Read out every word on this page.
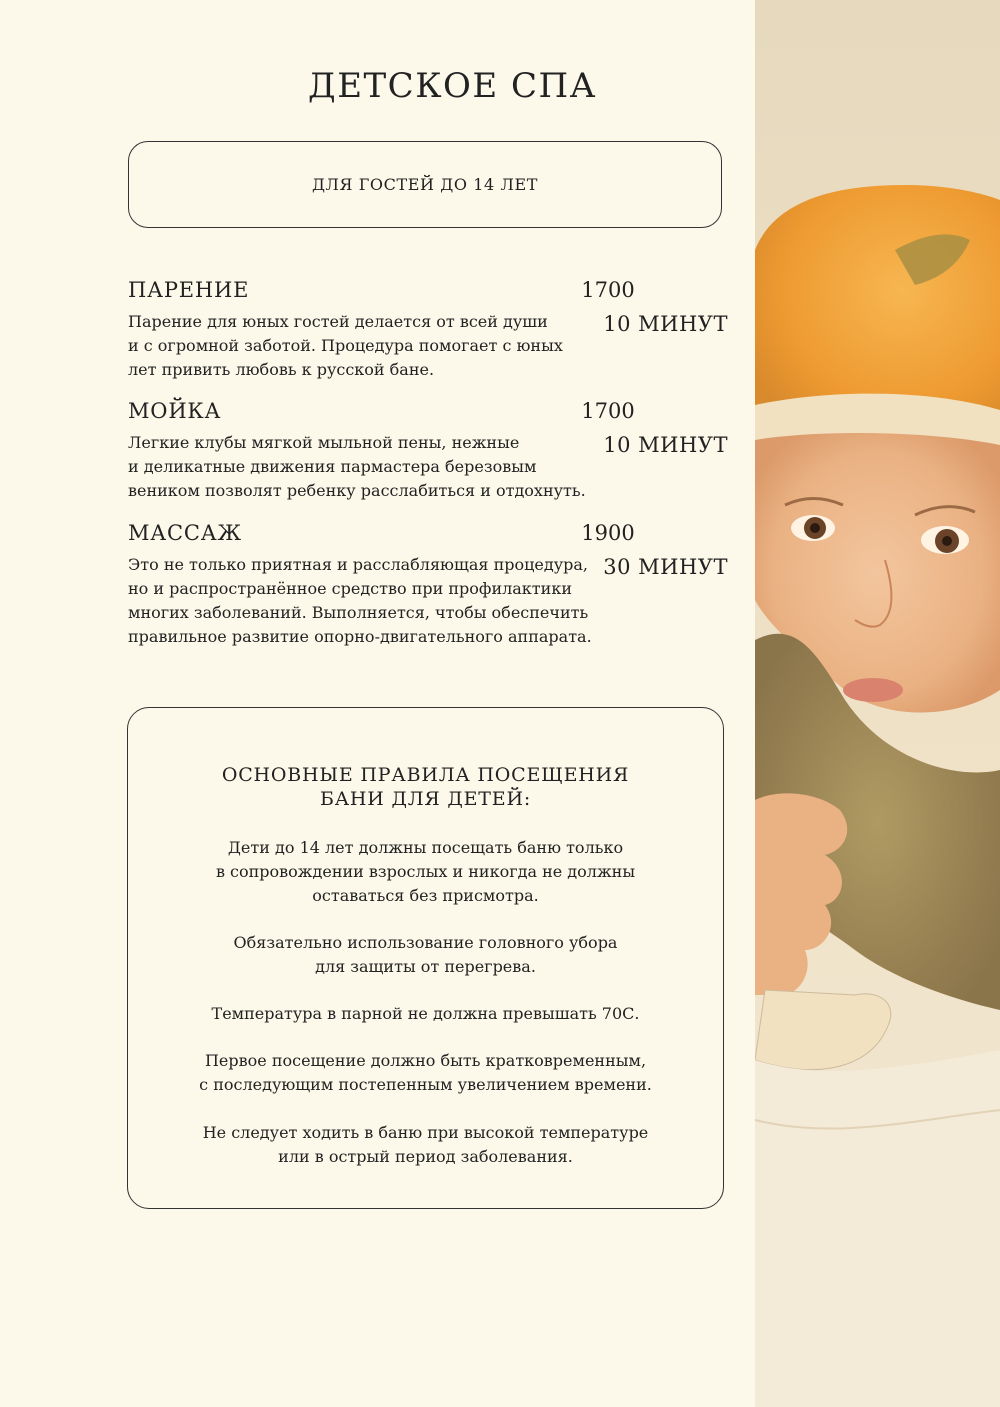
ДЕТСКОЕ СПА
ДЛЯ ГОСТЕЙ ДО 14 ЛЕТ
ПАРЕНИЕ

Парение для юных гостей делается от всей души
и с огромной заботой. Процедура помогает с юных
лет привить любовь к русской бане.

1700
10 МИНУТ
МОЙКА

Легкие клубы мягкой мыльной пены, нежные
и деликатные движения пармастера березовым
веником позволят ребенку расслабиться и отдохнуть.

1700
10 МИНУТ
МАССАЖ

Это не только приятная и расслабляющая процедура,
но и распространённое средство при профилактики
многих заболеваний. Выполняется, чтобы обеспечить
правильное развитие опорно-двигательного аппарата.

1900
30 МИНУТ
ОСНОВНЫЕ ПРАВИЛА ПОСЕЩЕНИЯ
БАНИ ДЛЯ ДЕТЕЙ:

Дети до 14 лет должны посещать баню только
в сопровождении взрослых и никогда не должны
оставаться без присмотра.

Обязательно использование головного убора
для защиты от перегрева.

Температура в парной не должна превышать 70С.

Первое посещение должно быть кратковременным,
с последующим постепенным увеличением времени.

Не следует ходить в баню при высокой температуре
или в острый период заболевания.
